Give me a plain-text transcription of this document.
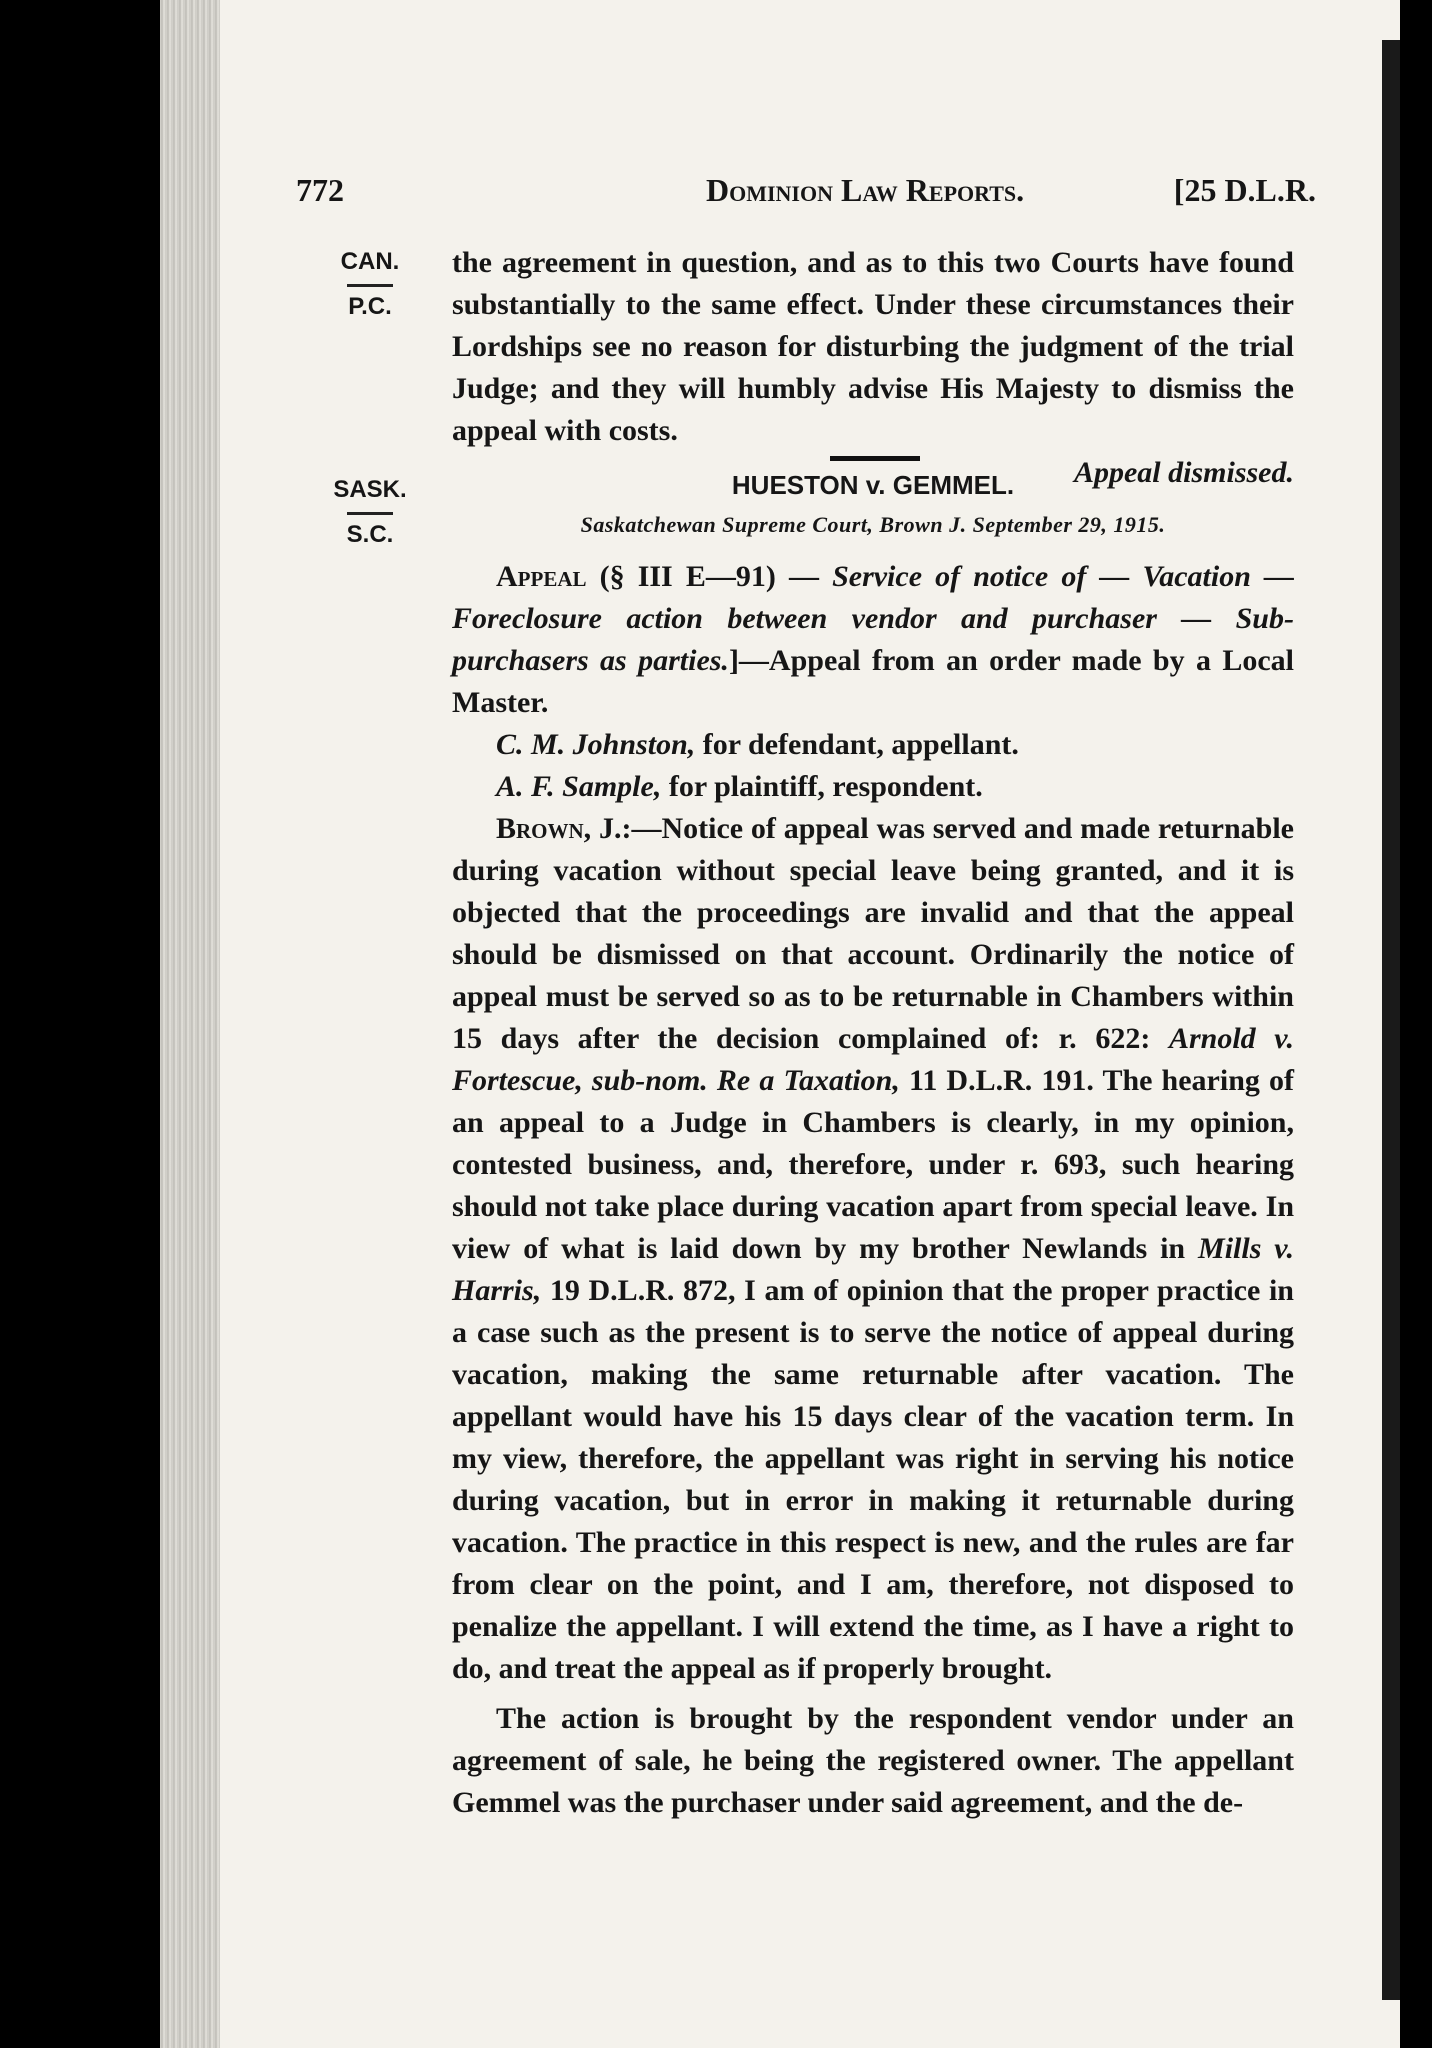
772	Dominion Law Reports.	[25 D.L.R.
CAN.
P.C.
SASK.
S.C.

the agreement in question, and as to this two Courts have found substantially to the same effect. Under these circumstances their Lordships see no reason for disturbing the judgment of the trial Judge; and they will humbly advise His Majesty to dismiss the appeal with costs.

Appeal dismissed.
HUESTON v. GEMMEL.
Saskatchewan Supreme Court, Brown J. September 29, 1915.

Appeal (§ III E—91) — Service of notice of — Vacation — Foreclosure action between vendor and purchaser — Sub-purchasers as parties.]—Appeal from an order made by a Local Master.

C. M. Johnston, for defendant, appellant.

A. F. Sample, for plaintiff, respondent.

Brown, J.:—Notice of appeal was served and made returnable during vacation without special leave being granted, and it is objected that the proceedings are invalid and that the appeal should be dismissed on that account. Ordinarily the notice of appeal must be served so as to be returnable in Chambers within 15 days after the decision complained of: r. 622: Arnold v. Fortescue, sub-nom. Re a Taxation, 11 D.L.R. 191. The hearing of an appeal to a Judge in Chambers is clearly, in my opinion, contested business, and, therefore, under r. 693, such hearing should not take place during vacation apart from special leave. In view of what is laid down by my brother Newlands in Mills v. Harris, 19 D.L.R. 872, I am of opinion that the proper practice in a case such as the present is to serve the notice of appeal during vacation, making the same returnable after vacation. The appellant would have his 15 days clear of the vacation term. In my view, therefore, the appellant was right in serving his notice during vacation, but in error in making it returnable during vacation. The practice in this respect is new, and the rules are far from clear on the point, and I am, therefore, not disposed to penalize the appellant. I will extend the time, as I have a right to do, and treat the appeal as if properly brought.

The action is brought by the respondent vendor under an agreement of sale, he being the registered owner. The appellant Gemmel was the purchaser under said agreement, and the de-
